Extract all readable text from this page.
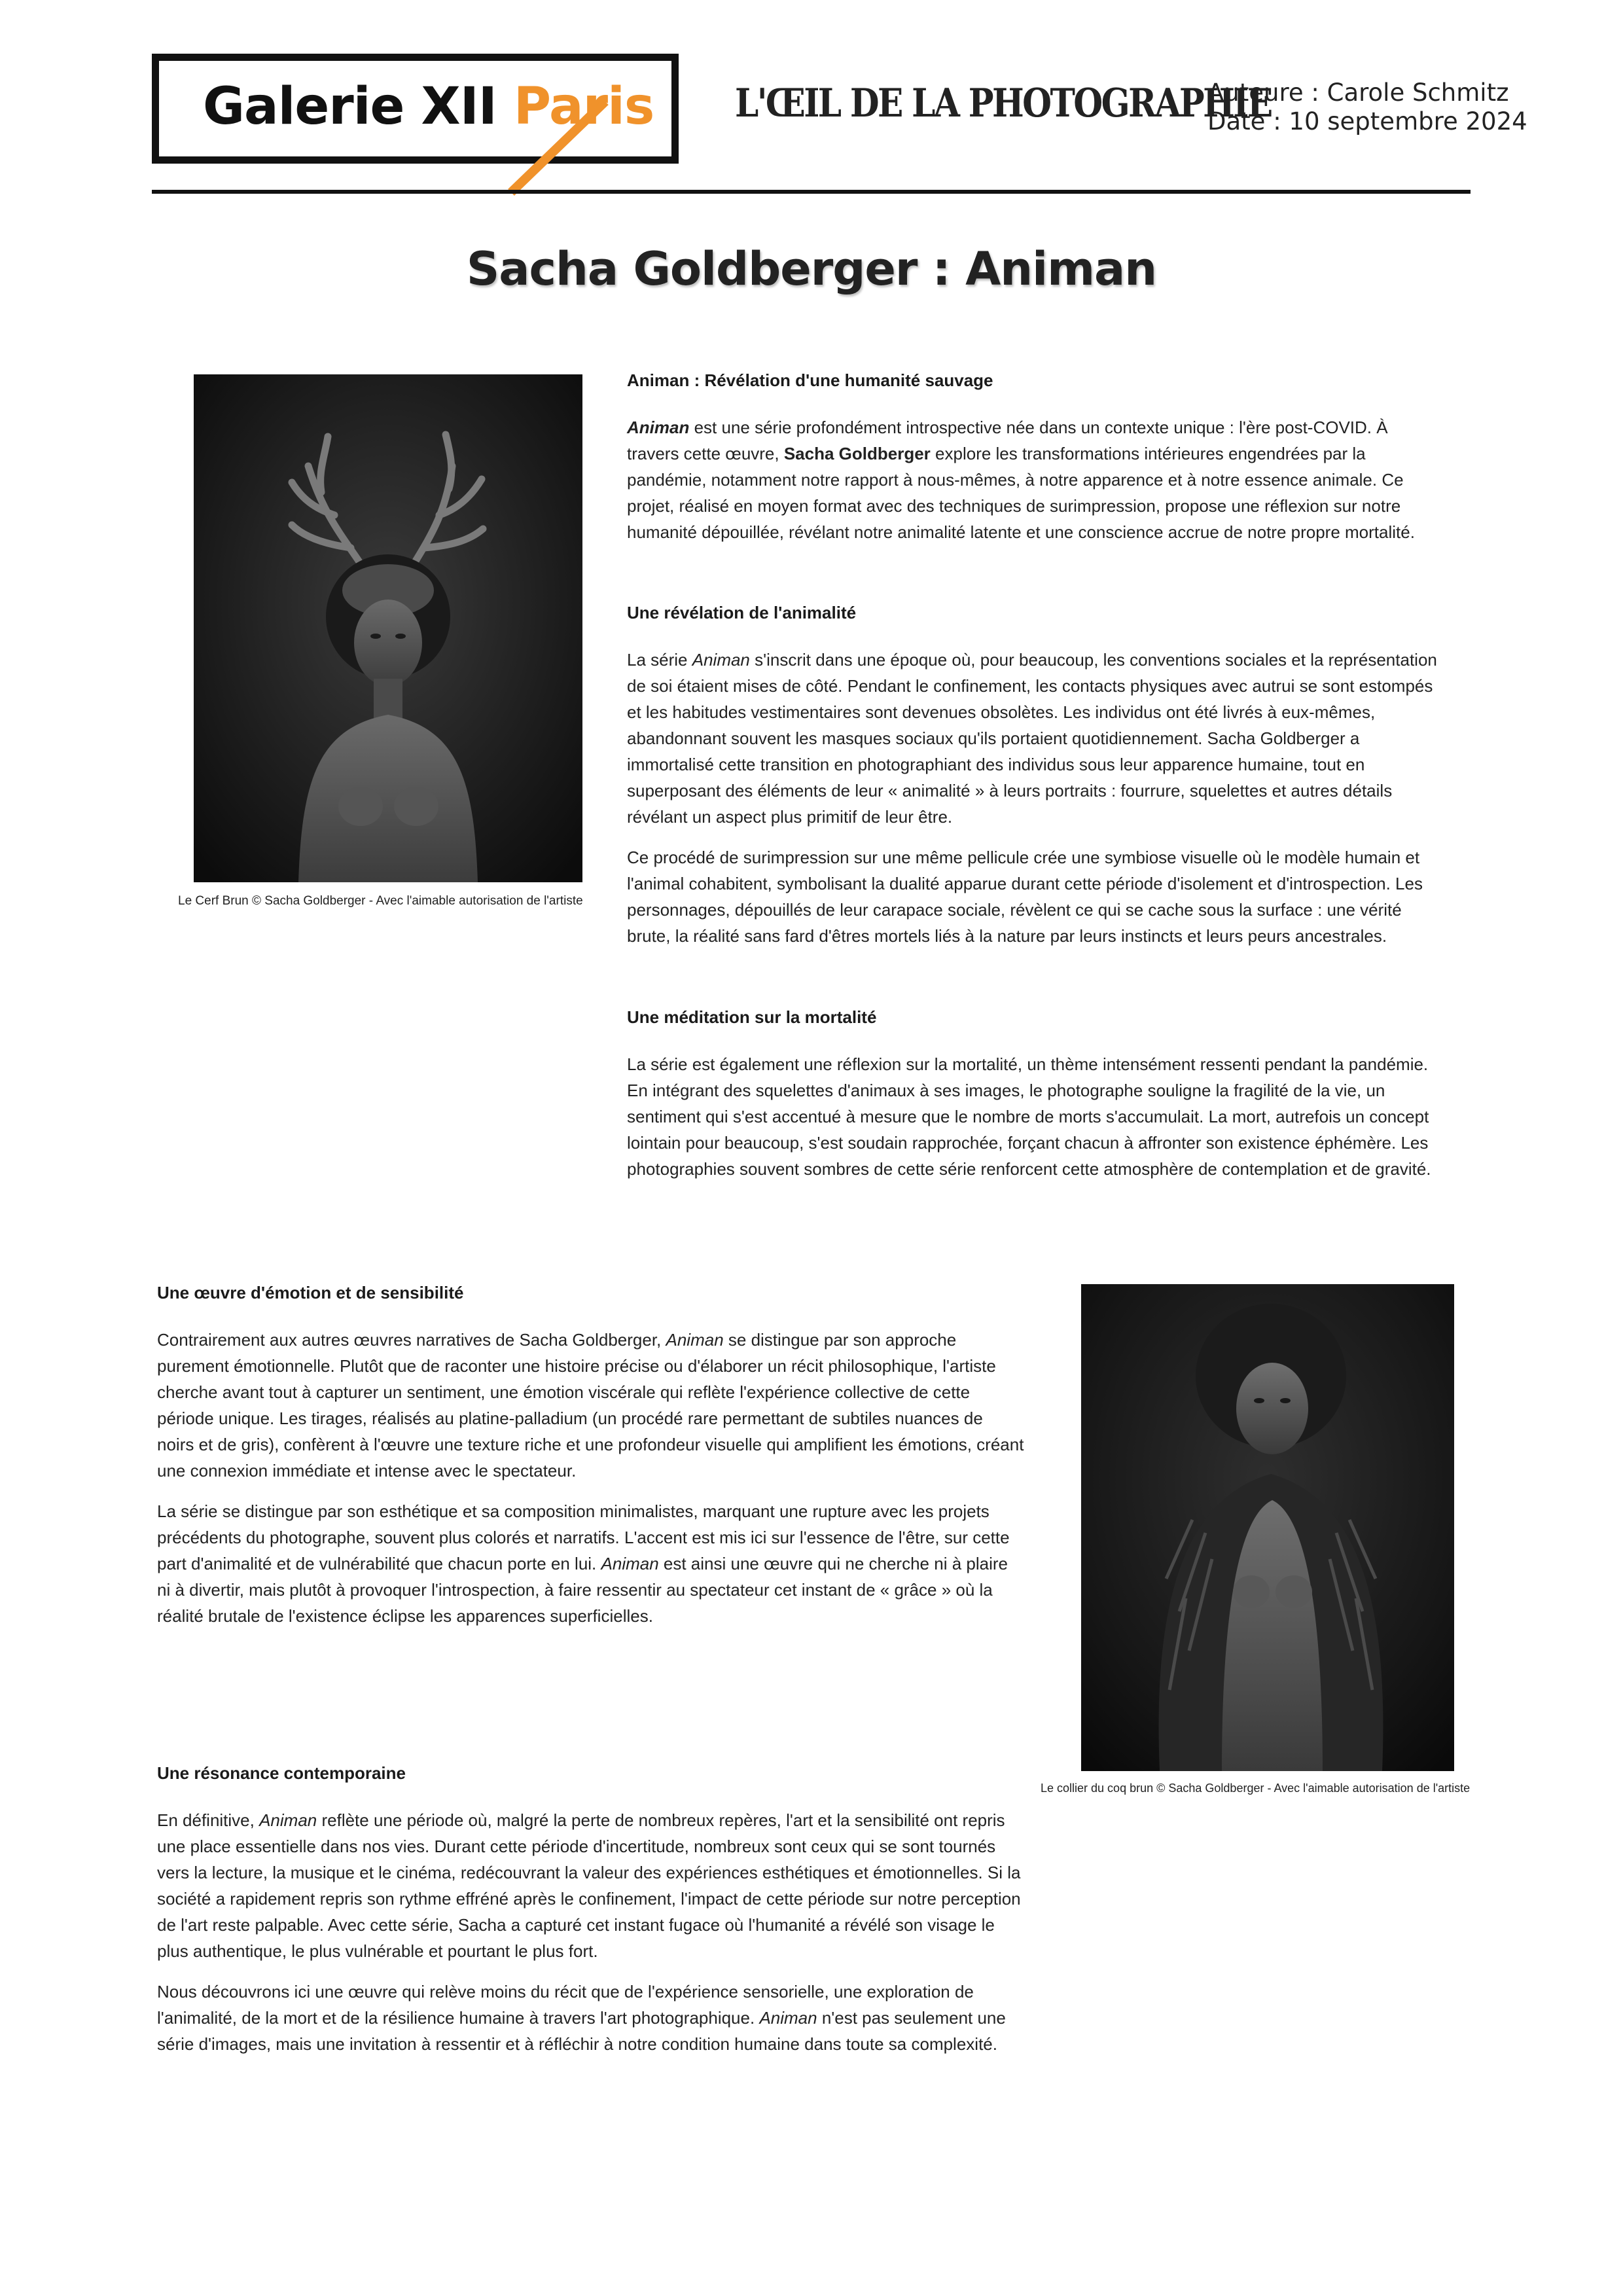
Galerie XII Paris L'ŒIL DE LA PHOTOGRAPHIE
Auteure : Carole Schmitz
Date : 10 septembre 2024
Sacha Goldberger : Animan
Le Cerf Brun © Sacha Goldberger - Avec l'aimable autorisation de l'artiste
Le collier du coq brun © Sacha Goldberger - Avec l'aimable autorisation de l'artiste
Animan : Révélation d'une humanité sauvage

Animan est une série profondément introspective née dans un contexte unique : l'ère post-COVID. À travers cette œuvre, Sacha Goldberger explore les transformations intérieures engendrées par la pandémie, notamment notre rapport à nous-mêmes, à notre apparence et à notre essence animale. Ce projet, réalisé en moyen format avec des techniques de surimpression, propose une réflexion sur notre humanité dépouillée, révélant notre animalité latente et une conscience accrue de notre propre mortalité.

Une révélation de l'animalité

La série Animan s'inscrit dans une époque où, pour beaucoup, les conventions sociales et la représentation de soi étaient mises de côté. Pendant le confinement, les contacts physiques avec autrui se sont estompés et les habitudes vestimentaires sont devenues obsolètes. Les individus ont été livrés à eux-mêmes, abandonnant souvent les masques sociaux qu'ils portaient quotidiennement. Sacha Goldberger a immortalisé cette transition en photographiant des individus sous leur apparence humaine, tout en superposant des éléments de leur « animalité » à leurs portraits : fourrure, squelettes et autres détails révélant un aspect plus primitif de leur être.

Ce procédé de surimpression sur une même pellicule crée une symbiose visuelle où le modèle humain et l'animal cohabitent, symbolisant la dualité apparue durant cette période d'isolement et d'introspection. Les personnages, dépouillés de leur carapace sociale, révèlent ce qui se cache sous la surface : une vérité brute, la réalité sans fard d'êtres mortels liés à la nature par leurs instincts et leurs peurs ancestrales.

Une méditation sur la mortalité

La série est également une réflexion sur la mortalité, un thème intensément ressenti pendant la pandémie. En intégrant des squelettes d'animaux à ses images, le photographe souligne la fragilité de la vie, un sentiment qui s'est accentué à mesure que le nombre de morts s'accumulait. La mort, autrefois un concept lointain pour beaucoup, s'est soudain rapprochée, forçant chacun à affronter son existence éphémère. Les photographies souvent sombres de cette série renforcent cette atmosphère de contemplation et de gravité.

Une œuvre d'émotion et de sensibilité

Contrairement aux autres œuvres narratives de Sacha Goldberger, Animan se distingue par son approche purement émotionnelle. Plutôt que de raconter une histoire précise ou d'élaborer un récit philosophique, l'artiste cherche avant tout à capturer un sentiment, une émotion viscérale qui reflète l'expérience collective de cette période unique. Les tirages, réalisés au platine-palladium (un procédé rare permettant de subtiles nuances de noirs et de gris), confèrent à l'œuvre une texture riche et une profondeur visuelle qui amplifient les émotions, créant une connexion immédiate et intense avec le spectateur.

La série se distingue par son esthétique et sa composition minimalistes, marquant une rupture avec les projets précédents du photographe, souvent plus colorés et narratifs. L'accent est mis ici sur l'essence de l'être, sur cette part d'animalité et de vulnérabilité que chacun porte en lui. Animan est ainsi une œuvre qui ne cherche ni à plaire ni à divertir, mais plutôt à provoquer l'introspection, à faire ressentir au spectateur cet instant de « grâce » où la réalité brutale de l'existence éclipse les apparences superficielles.

Une résonance contemporaine

En définitive, Animan reflète une période où, malgré la perte de nombreux repères, l'art et la sensibilité ont repris une place essentielle dans nos vies. Durant cette période d'incertitude, nombreux sont ceux qui se sont tournés vers la lecture, la musique et le cinéma, redécouvrant la valeur des expériences esthétiques et émotionnelles. Si la société a rapidement repris son rythme effréné après le confinement, l'impact de cette période sur notre perception de l'art reste palpable. Avec cette série, Sacha a capturé cet instant fugace où l'humanité a révélé son visage le plus authentique, le plus vulnérable et pourtant le plus fort.

Nous découvrons ici une œuvre qui relève moins du récit que de l'expérience sensorielle, une exploration de l'animalité, de la mort et de la résilience humaine à travers l'art photographique. Animan n'est pas seulement une série d'images, mais une invitation à ressentir et à réfléchir à notre condition humaine dans toute sa complexité.
